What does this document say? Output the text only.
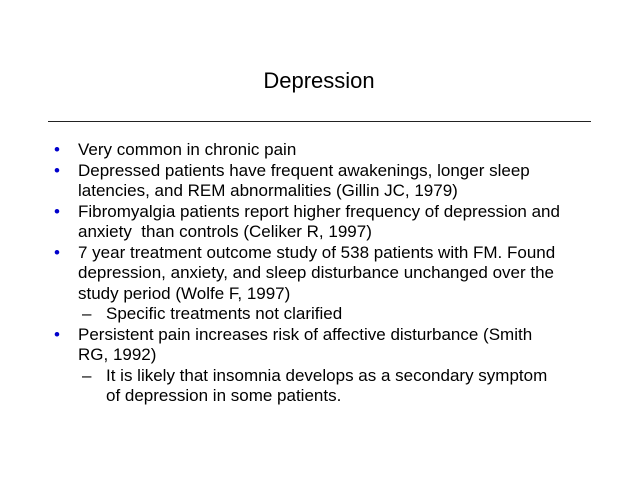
Depression
•	Very common in chronic pain
•	Depressed patients have frequent awakenings, longer sleep
latencies, and REM abnormalities (Gillin JC, 1979)
•	Fibromyalgia patients report higher frequency of depression and
anxiety  than controls (Celiker R, 1997)
•	7 year treatment outcome study of 538 patients with FM. Found
depression, anxiety, and sleep disturbance unchanged over the
study period (Wolfe F, 1997)
– Specific treatments not clarified
•	Persistent pain increases risk of affective disturbance (Smith
RG, 1992)
– It is likely that insomnia develops as a secondary symptom
of depression in some patients.
